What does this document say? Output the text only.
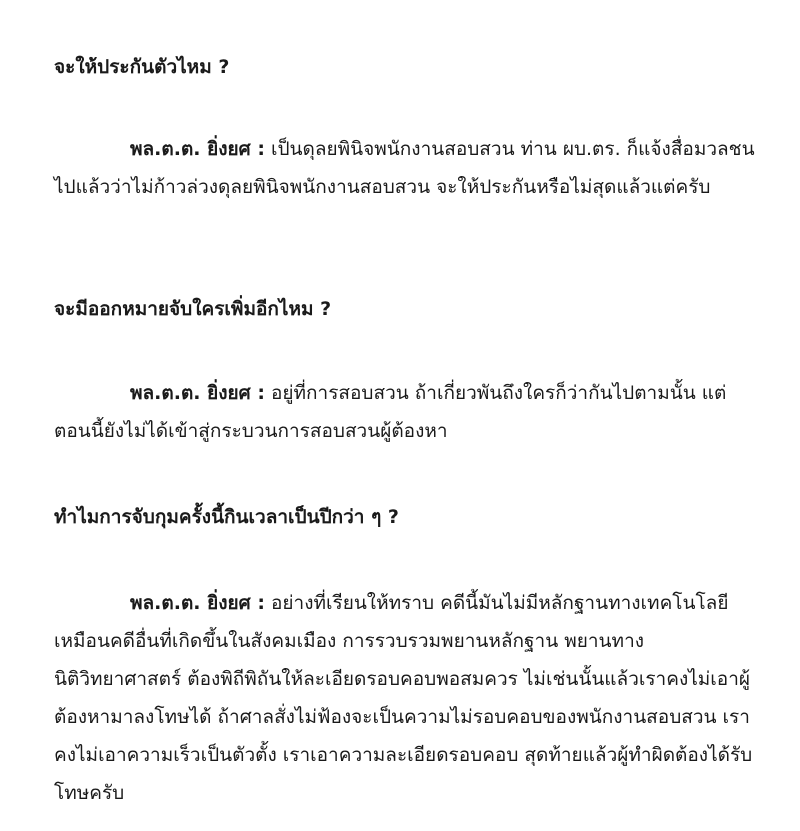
จะให้ประกันตัวไหม ?

พล.ต.ต. ยิ่งยศ : เป็นดุลยพินิจพนักงานสอบสวน ท่าน ผบ.ตร. ก็แจ้งสื่อมวลชนไปแล้วว่าไม่ก้าวล่วงดุลยพินิจพนักงานสอบสวน จะให้ประกันหรือไม่สุดแล้วแต่ครับ

จะมีออกหมายจับใครเพิ่มอีกไหม ?

พล.ต.ต. ยิ่งยศ : อยู่ที่การสอบสวน ถ้าเกี่ยวพันถึงใครก็ว่ากันไปตามนั้น แต่ตอนนี้ยังไม่ได้เข้าสู่กระบวนการสอบสวนผู้ต้องหา

ทำไมการจับกุมครั้งนี้กินเวลาเป็นปีกว่า ๆ ?

พล.ต.ต. ยิ่งยศ : อย่างที่เรียนให้ทราบ คดีนี้มันไม่มีหลักฐานทางเทคโนโลยีเหมือนคดีอื่นที่เกิดขึ้นในสังคมเมือง การรวบรวมพยานหลักฐาน พยานทางนิติวิทยาศาสตร์ ต้องพิถีพิถันให้ละเอียดรอบคอบพอสมควร ไม่เช่นนั้นแล้วเราคงไม่เอาผู้ต้องหามาลงโทษได้ ถ้าศาลสั่งไม่ฟ้องจะเป็นความไม่รอบคอบของพนักงานสอบสวน เราคงไม่เอาความเร็วเป็นตัวตั้ง เราเอาความละเอียดรอบคอบ สุดท้ายแล้วผู้ทำผิดต้องได้รับโทษครับ
